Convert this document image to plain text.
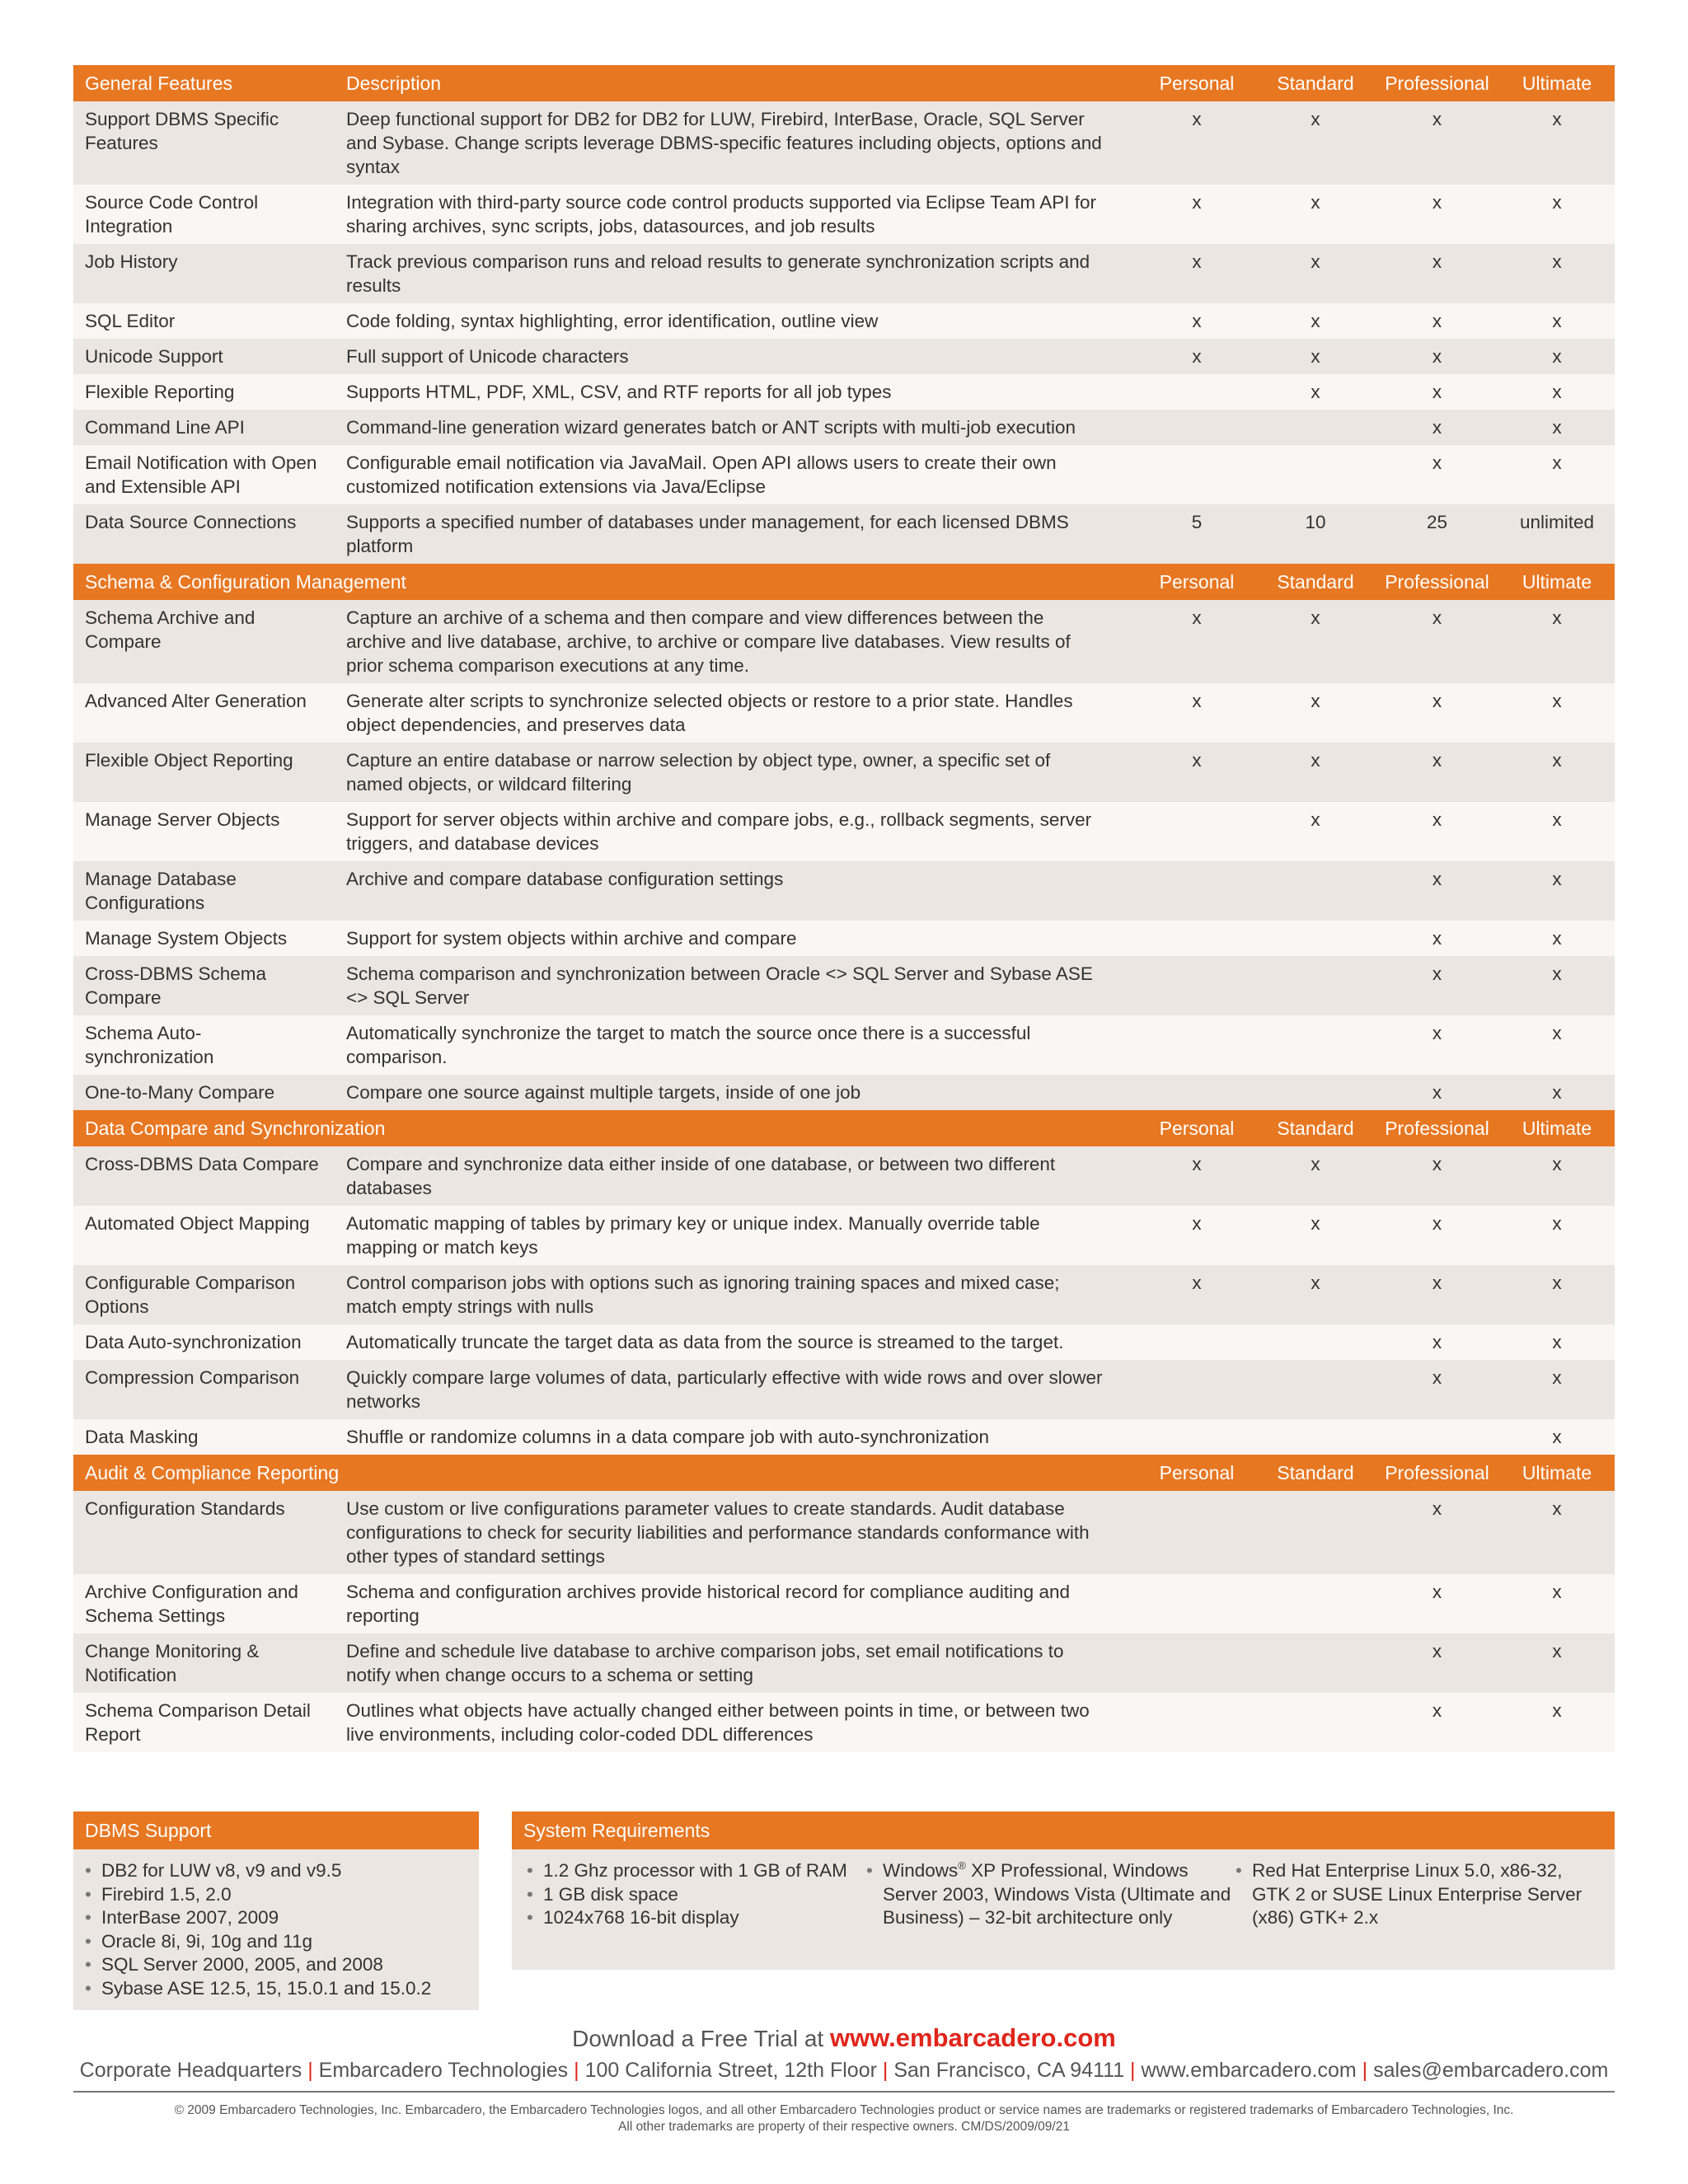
General Features	Description	Personal	Standard	Professional	Ultimate
Support DBMS Specific Features	Deep functional support for DB2 for DB2 for LUW, Firebird, InterBase, Oracle, SQL Server and Sybase. Change scripts leverage DBMS-specific features including objects, options and syntax	x	x	x	x
Source Code Control Integration	Integration with third-party source code control products supported via Eclipse Team API for sharing archives, sync scripts, jobs, datasources, and job results	x	x	x	x
Job History	Track previous comparison runs and reload results to generate synchronization scripts and results	x	x	x	x
SQL Editor	Code folding, syntax highlighting, error identification, outline view	x	x	x	x
Unicode Support	Full support of Unicode characters	x	x	x	x
Flexible Reporting	Supports HTML, PDF, XML, CSV, and RTF reports for all job types		x	x	x
Command Line API	Command-line generation wizard generates batch or ANT scripts with multi-job execution			x	x
Email Notification with Open and Extensible API	Configurable email notification via JavaMail. Open API allows users to create their own customized notification extensions via Java/Eclipse			x	x
Data Source Connections	Supports a specified number of databases under management, for each licensed DBMS platform	5	10	25	unlimited
Schema & Configuration Management		Personal	Standard	Professional	Ultimate
Schema Archive and Compare	Capture an archive of a schema and then compare and view differences between the archive and live database, archive, to archive or compare live databases. View results of prior schema comparison executions at any time.	x	x	x	x
Advanced Alter Generation	Generate alter scripts to synchronize selected objects or restore to a prior state. Handles object dependencies, and preserves data	x	x	x	x
Flexible Object Reporting	Capture an entire database or narrow selection by object type, owner, a specific set of named objects, or wildcard filtering	x	x	x	x
Manage Server Objects	Support for server objects within archive and compare jobs, e.g., rollback segments, server triggers, and database devices		x	x	x
Manage Database Configurations	Archive and compare database configuration settings			x	x
Manage System Objects	Support for system objects within archive and compare			x	x
Cross-DBMS Schema Compare	Schema comparison and synchronization between Oracle <> SQL Server and Sybase ASE <> SQL Server			x	x
Schema Auto-synchronization	Automatically synchronize the target to match the source once there is a successful comparison.			x	x
One-to-Many Compare	Compare one source against multiple targets, inside of one job			x	x
Data Compare and Synchronization		Personal	Standard	Professional	Ultimate
Cross-DBMS Data Compare	Compare and synchronize data either inside of one database, or between two different databases	x	x	x	x
Automated Object Mapping	Automatic mapping of tables by primary key or unique index. Manually override table mapping or match keys	x	x	x	x
Configurable Comparison Options	Control comparison jobs with options such as ignoring training spaces and mixed case; match empty strings with nulls	x	x	x	x
Data Auto-synchronization	Automatically truncate the target data as data from the source is streamed to the target.			x	x
Compression Comparison	Quickly compare large volumes of data, particularly effective with wide rows and over slower networks			x	x
Data Masking	Shuffle or randomize columns in a data compare job with auto-synchronization				x
Audit & Compliance Reporting		Personal	Standard	Professional	Ultimate
Configuration Standards	Use custom or live configurations parameter values to create standards. Audit database configurations to check for security liabilities and performance standards conformance with other types of standard settings			x	x
Archive Configuration and Schema Settings	Schema and configuration archives provide historical record for compliance auditing and reporting			x	x
Change Monitoring & Notification	Define and schedule live database to archive comparison jobs, set email notifications to notify when change occurs to a schema or setting			x	x
Schema Comparison Detail Report	Outlines what objects have actually changed either between points in time, or between two live environments, including color-coded DDL differences			x	x
DBMS Support
• DB2 for LUW v8, v9 and v9.5
• Firebird 1.5, 2.0
• InterBase 2007, 2009
• Oracle 8i, 9i, 10g and 11g
• SQL Server 2000, 2005, and 2008
• Sybase ASE 12.5, 15, 15.0.1 and 15.0.2
System Requirements
• 1.2 Ghz processor with 1 GB of RAM
• 1 GB disk space
• 1024x768 16-bit display
• Windows® XP Professional, Windows Server 2003, Windows Vista (Ultimate and Business) – 32-bit architecture only
• Red Hat Enterprise Linux 5.0, x86-32, GTK 2 or SUSE Linux Enterprise Server (x86) GTK+ 2.x
Download a Free Trial at www.embarcadero.com
Corporate Headquarters | Embarcadero Technologies | 100 California Street, 12th Floor | San Francisco, CA 94111 | www.embarcadero.com | sales@embarcadero.com
© 2009 Embarcadero Technologies, Inc. Embarcadero, the Embarcadero Technologies logos, and all other Embarcadero Technologies product or service names are trademarks or registered trademarks of Embarcadero Technologies, Inc.
All other trademarks are property of their respective owners. CM/DS/2009/09/21
